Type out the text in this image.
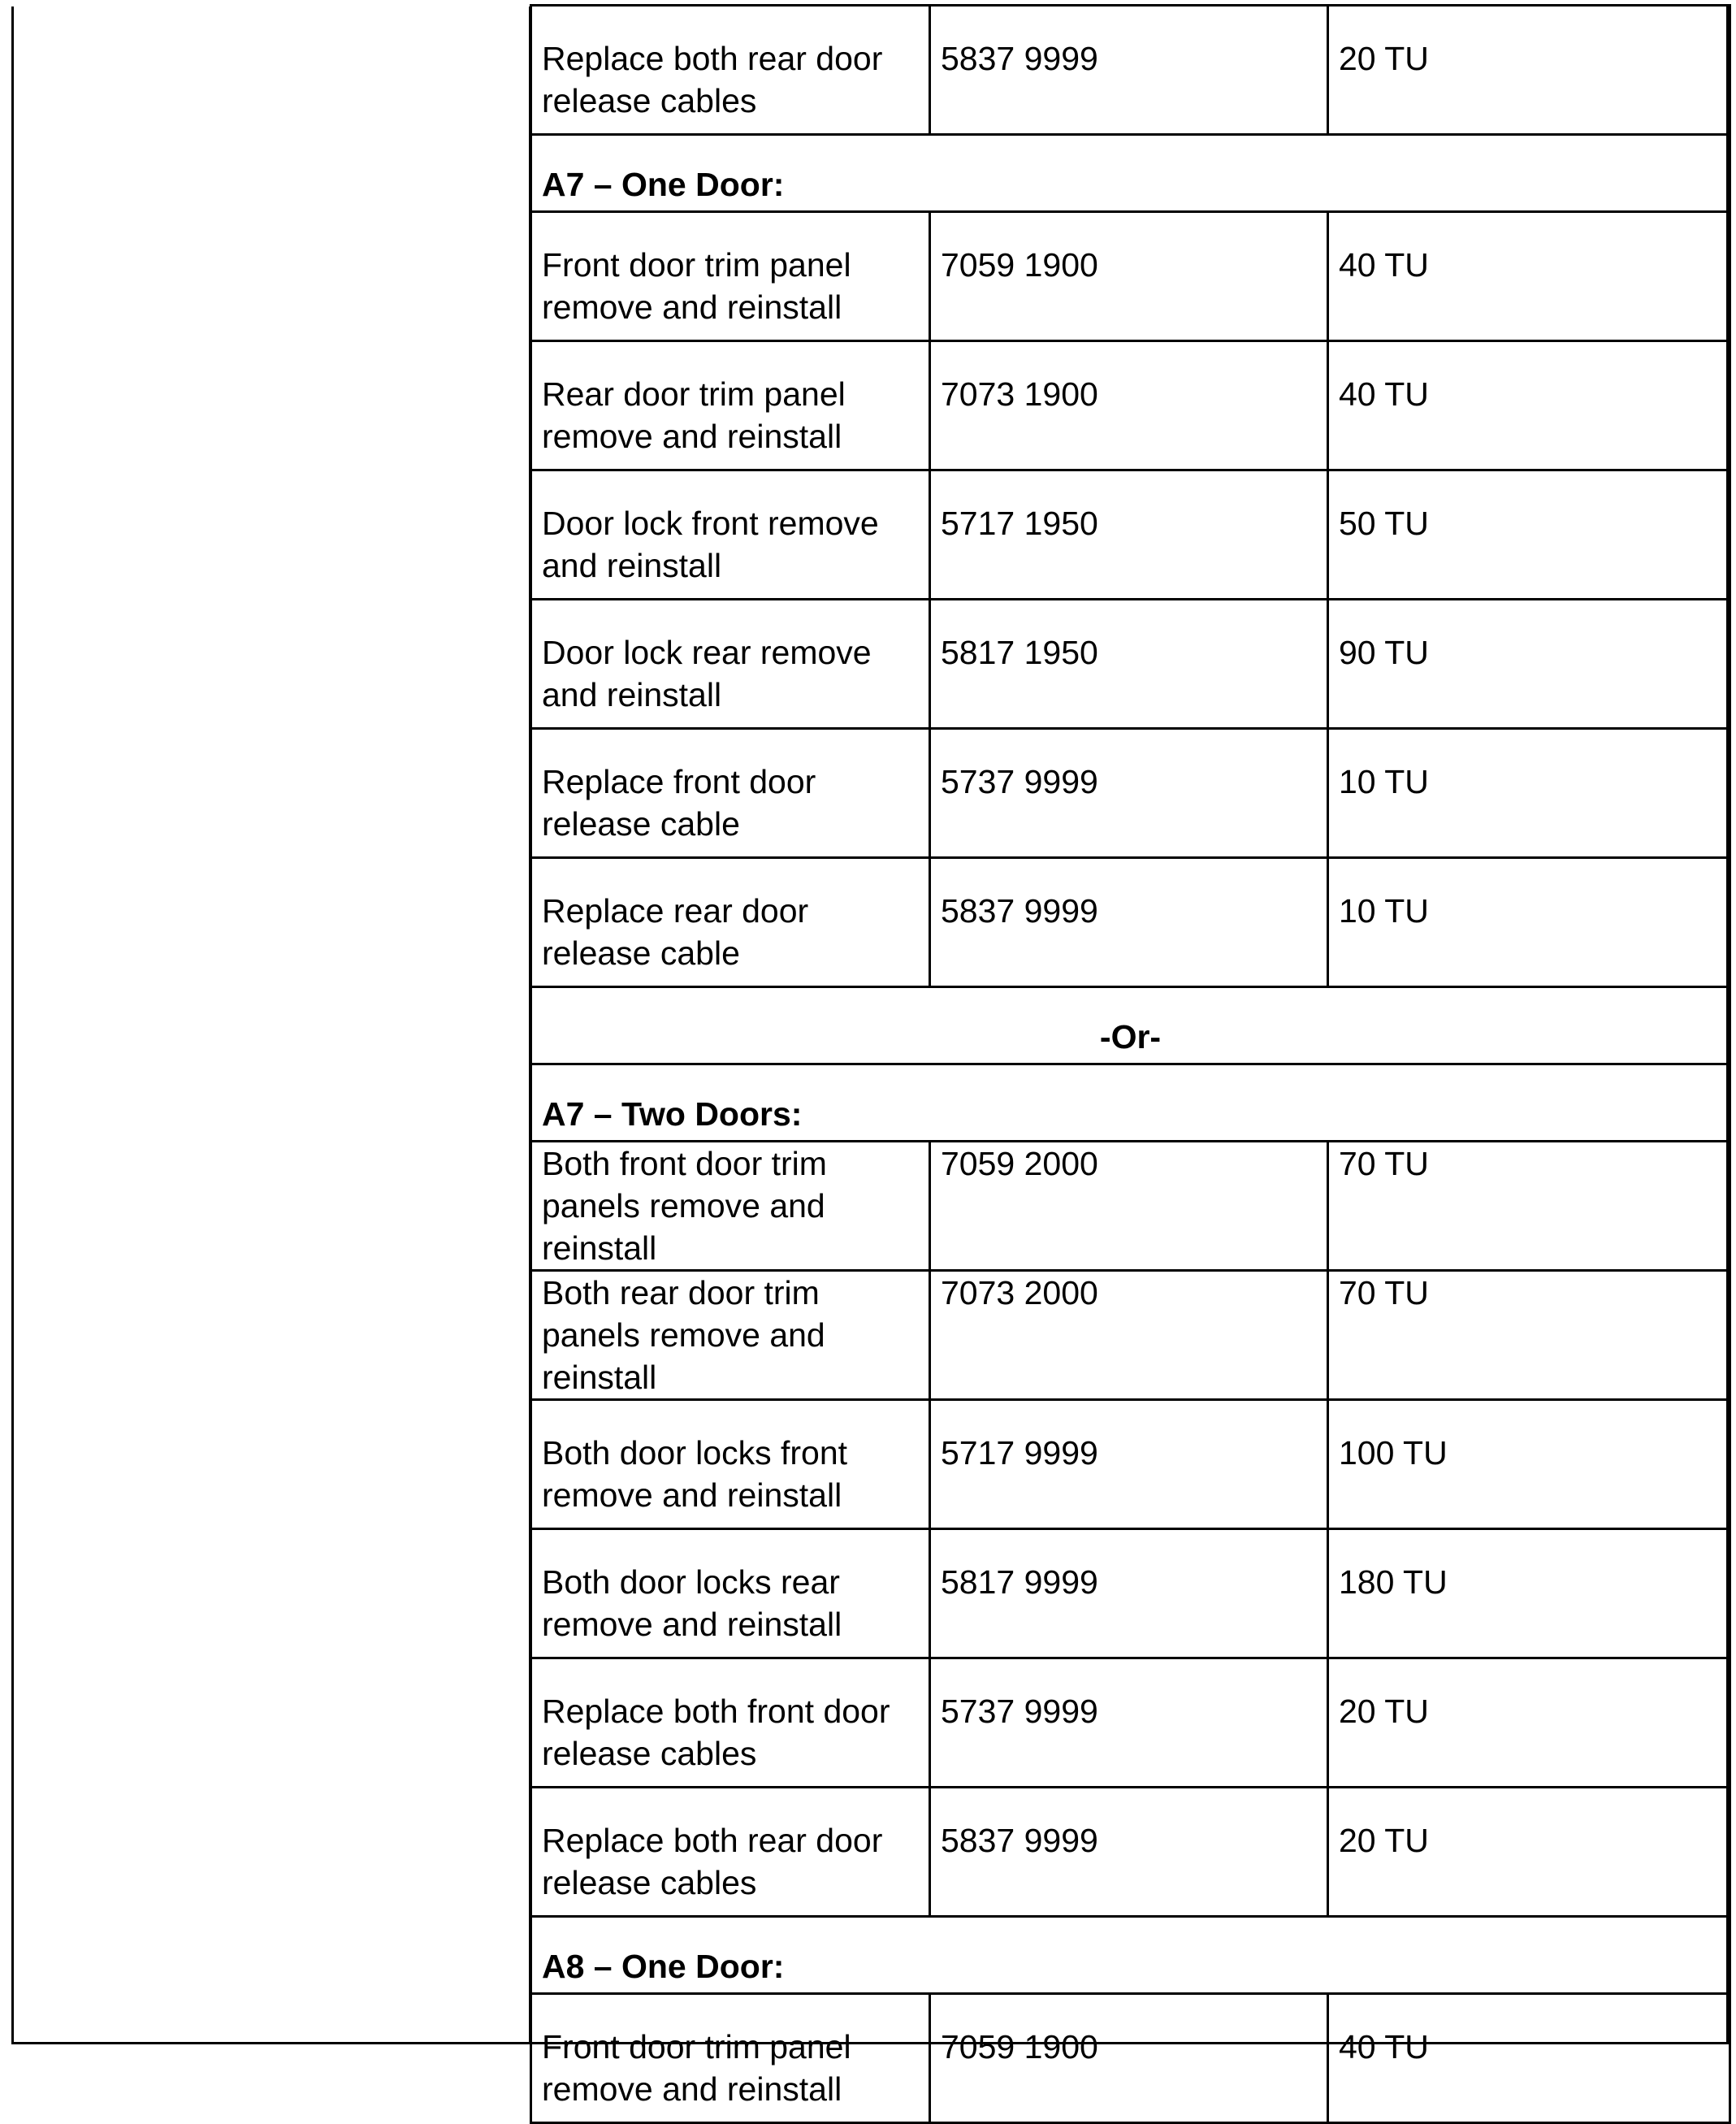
Replace both rear door release cables	5837 9999	20 TU
A7 – One Door:		
Front door trim panel remove and reinstall	7059 1900	40 TU
Rear door trim panel remove and reinstall	7073 1900	40 TU
Door lock front remove and reinstall	5717 1950	50 TU
Door lock rear remove and reinstall	5817 1950	90 TU
Replace front door release cable	5737 9999	10 TU
Replace rear door release cable	5837 9999	10 TU
-Or-		
A7 – Two Doors:		
Both front door trim panels remove and reinstall	7059 2000	70 TU
Both rear door trim panels remove and reinstall	7073 2000	70 TU
Both door locks front remove and reinstall	5717 9999	100 TU
Both door locks rear remove and reinstall	5817 9999	180 TU
Replace both front door release cables	5737 9999	20 TU
Replace both rear door release cables	5837 9999	20 TU
A8 – One Door:		
Front door trim panel remove and reinstall	7059 1900	40 TU
